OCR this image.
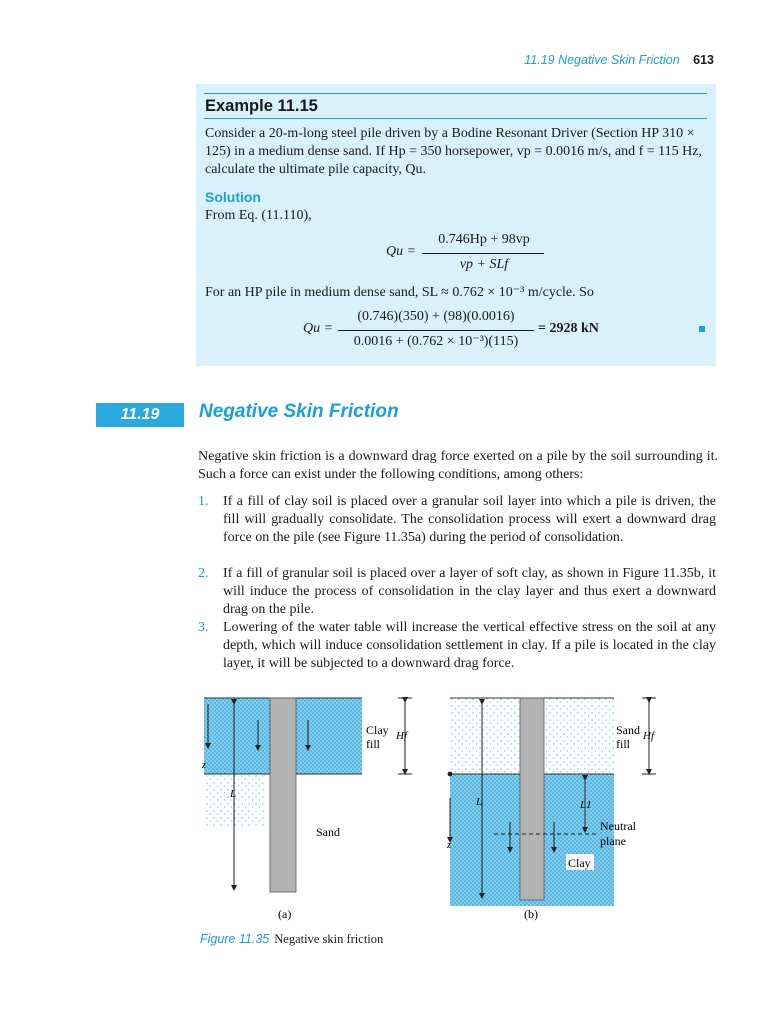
11.19 Negative Skin Friction 613
Example 11.15
Consider a 20-m-long steel pile driven by a Bodine Resonant Driver (Section HP 310 × 125) in a medium dense sand. If Hp = 350 horsepower, vp = 0.0016 m/s, and f = 115 Hz, calculate the ultimate pile capacity, Qu.
Solution
From Eq. (11.110),
Qu =
0.746Hp + 98vp
vp + SLf
For an HP pile in medium dense sand, SL ≈ 0.762 × 10⁻³ m/cycle. So
Qu =
(0.746)(350) + (98)(0.0016)
0.0016 + (0.762 × 10⁻³)(115)
= 2928 kN
11.19	Negative Skin Friction
Negative skin friction is a downward drag force exerted on a pile by the soil surrounding it. Such a force can exist under the following conditions, among others:
1. If a fill of clay soil is placed over a granular soil layer into which a pile is driven, the fill will gradually consolidate. The consolidation process will exert a downward drag force on the pile (see Figure 11.35a) during the period of consolidation.
2. If a fill of granular soil is placed over a layer of soft clay, as shown in Figure 11.35b, it will induce the process of consolidation in the clay layer and thus exert a downward drag on the pile.
3. Lowering of the water table will increase the vertical effective stress on the soil at any depth, which will induce consolidation settlement in clay. If a pile is located in the clay layer, it will be subjected to a downward drag force.
Clay
fill
Hf
z
L
Sand
(a)
Sand
fill
Hf
L	L1
z
Neutral
plane
Clay
(b)
Figure 11.35 Negative skin friction
